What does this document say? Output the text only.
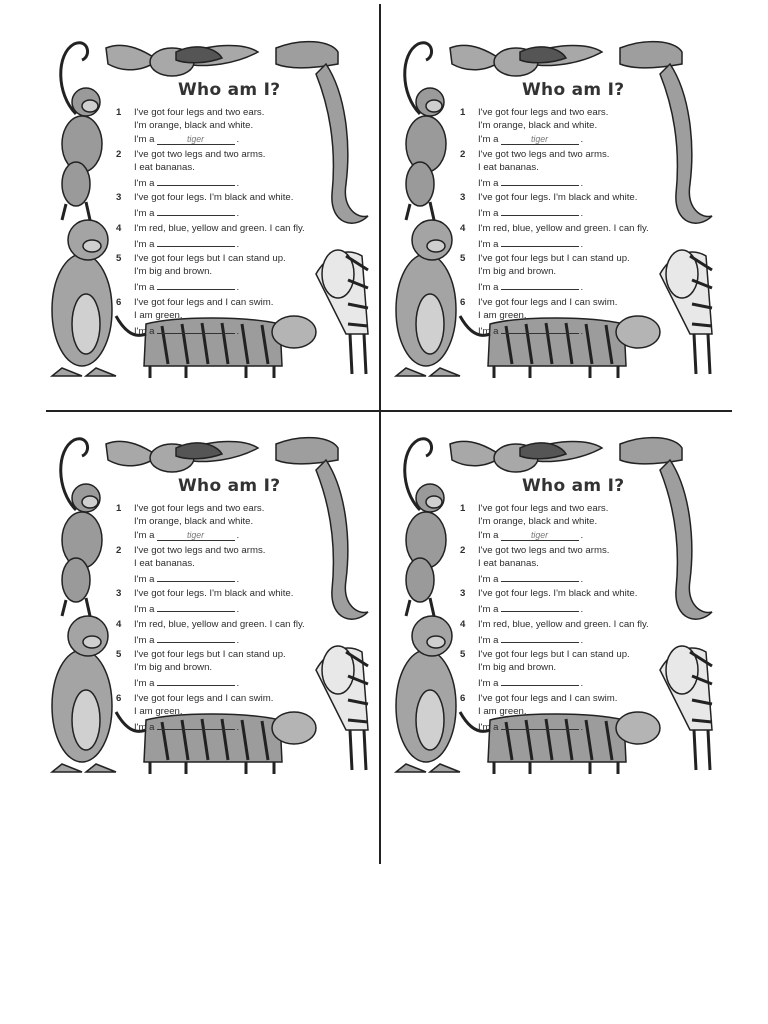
Who am I?
1 I've got four legs and two ears.
I'm orange, black and white.
I'm a	tiger	.
2 I've got two legs and two arms.
I eat bananas.
I'm a	.
3 I've got four legs. I'm black and white.
I'm a	.
4 I'm red, blue, yellow and green. I can fly.
I'm a	.
5 I've got four legs but I can stand up.
I'm big and brown.
I'm a	.
6 I've got four legs and I can swim.
I am green.
I'm a	.
Who am I?
1 I've got four legs and two ears.
I'm orange, black and white.
I'm a	tiger	.
2 I've got two legs and two arms.
I eat bananas.
I'm a	.
3 I've got four legs. I'm black and white.
I'm a	.
4 I'm red, blue, yellow and green. I can fly.
I'm a	.
5 I've got four legs but I can stand up.
I'm big and brown.
I'm a	.
6 I've got four legs and I can swim.
I am green.
I'm a	.
Who am I?
1 I've got four legs and two ears.
I'm orange, black and white.
I'm a	tiger	.
2 I've got two legs and two arms.
I eat bananas.
I'm a	.
3 I've got four legs. I'm black and white.
I'm a	.
4 I'm red, blue, yellow and green. I can fly.
I'm a	.
5 I've got four legs but I can stand up.
I'm big and brown.
I'm a	.
6 I've got four legs and I can swim.
I am green.
I'm a	.
Who am I?
1 I've got four legs and two ears.
I'm orange, black and white.
I'm a	tiger	.
2 I've got two legs and two arms.
I eat bananas.
I'm a	.
3 I've got four legs. I'm black and white.
I'm a	.
4 I'm red, blue, yellow and green. I can fly.
I'm a	.
5 I've got four legs but I can stand up.
I'm big and brown.
I'm a	.
6 I've got four legs and I can swim.
I am green.
I'm a	.
